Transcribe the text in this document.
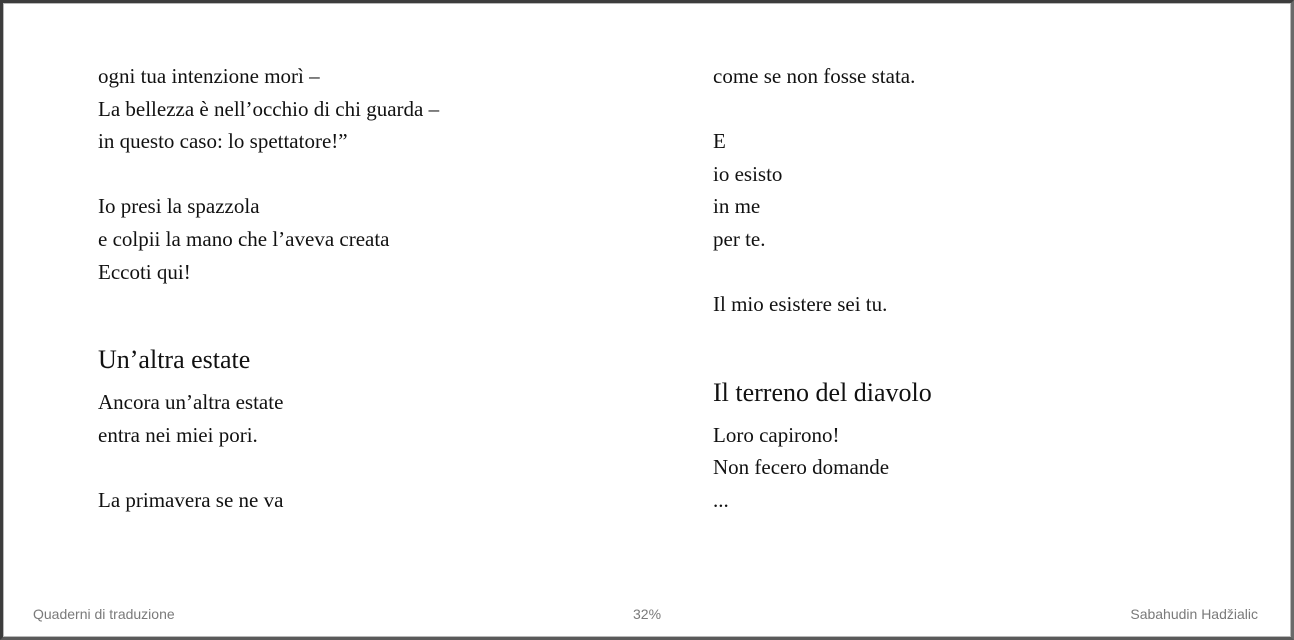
ogni tua intenzione morì –
La bellezza è nell’occhio di chi guarda –
in questo caso: lo spettatore!”
Io presi la spazzola
e colpii la mano che l’aveva creata
Eccoti qui!
Un’altra estate
Ancora un’altra estate
entra nei miei pori.
La primavera se ne va
come se non fosse stata.
E
io esisto
in me
per te.
Il mio esistere sei tu.
Il terreno del diavolo
Loro capirono!
Non fecero domande
...
Quaderni di traduzione	32%	Sabahudin Hadžialic
